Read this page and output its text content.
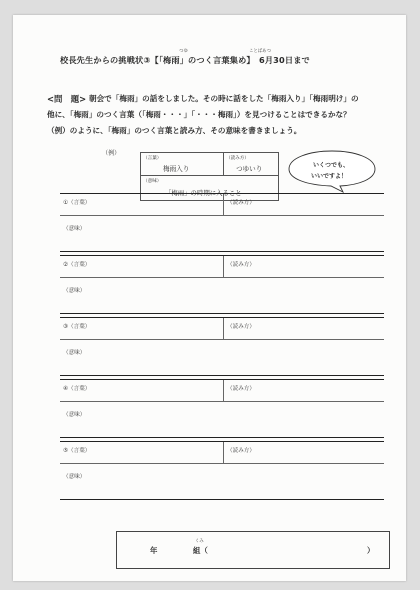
つゆ	ことばあつ
校長先生からの挑戦状③【「梅雨」のつく言葉集め】　6月30日まで
<問　題> 朝会で「梅雨」の話をしました。その時に話をした「梅雨入り」「梅雨明け」の
他に、「梅雨」のつく言葉（「梅雨・・・」「・・・梅雨」）を見つけることはできるかな？
（例）のように、「梅雨」のつく言葉と読み方、その意味を書きましょう。
（例）
（言葉）
梅雨入り
（読み方）
つゆいり
（意味）
「梅雨」の時期に入ること
いくつでも、
いいですよ！
①（言葉）	（読み方）
（意味）
②（言葉）	（読み方）
（意味）
③（言葉）	（読み方）
（意味）
④（言葉）	（読み方）
（意味）
⑤（言葉）	（読み方）
（意味）
年
くみ
組（	）
